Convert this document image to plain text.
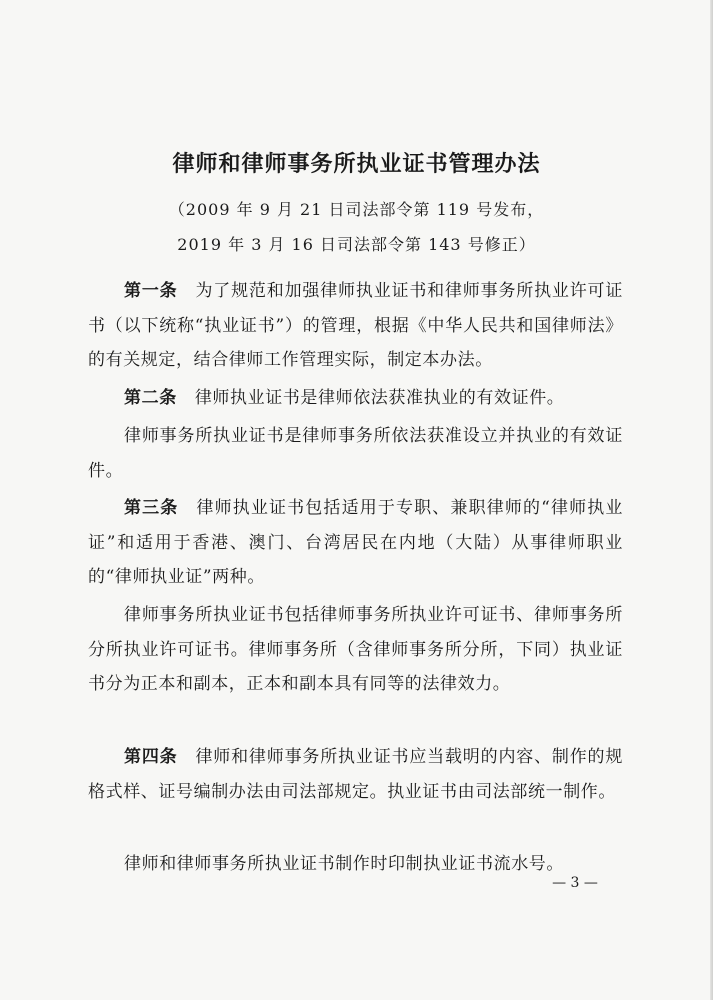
律师和律师事务所执业证书管理办法
（2009 年 9 月 21 日司法部令第 119 号发布，
2019 年 3 月 16 日司法部令第 143 号修正）
第一条 为了规范和加强律师执业证书和律师事务所执业许可证书（以下统称“执业证书”）的管理，根据《中华人民共和国律师法》的有关规定，结合律师工作管理实际，制定本办法。
第二条 律师执业证书是律师依法获准执业的有效证件。
律师事务所执业证书是律师事务所依法获准设立并执业的有效证件。
第三条 律师执业证书包括适用于专职、兼职律师的“律师执业证”和适用于香港、澳门、台湾居民在内地（大陆）从事律师职业的“律师执业证”两种。
律师事务所执业证书包括律师事务所执业许可证书、律师事务所分所执业许可证书。律师事务所（含律师事务所分所，下同）执业证书分为正本和副本，正本和副本具有同等的法律效力。
第四条 律师和律师事务所执业证书应当载明的内容、制作的规格式样、证号编制办法由司法部规定。执业证书由司法部统一制作。
律师和律师事务所执业证书制作时印制执业证书流水号。
— 3 —
